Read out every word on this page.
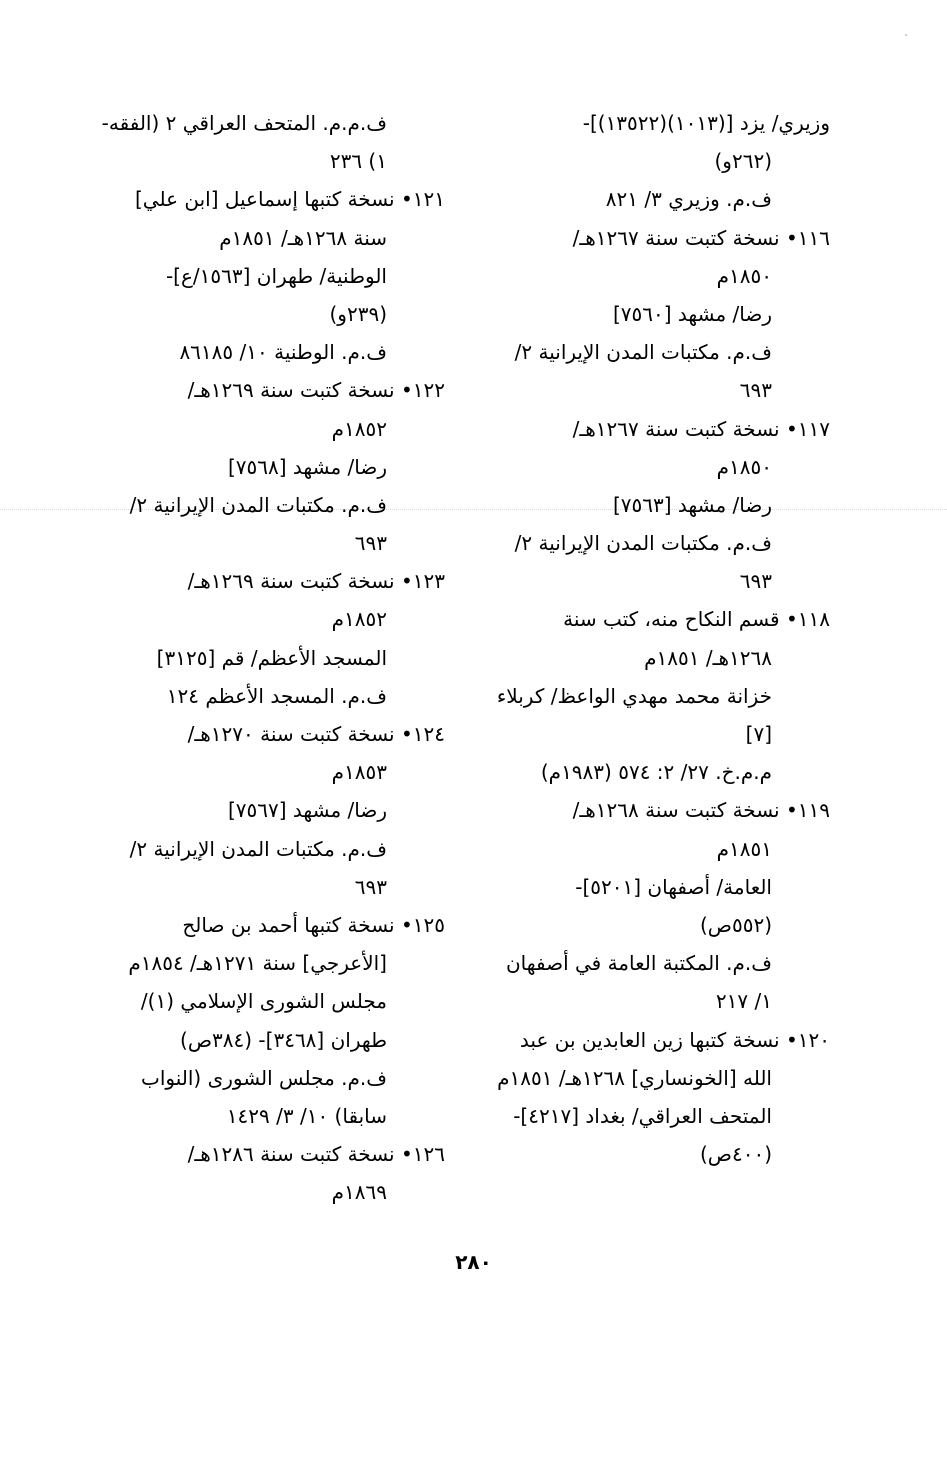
وزيري/ يزد [(١٠١٣)(١٣٥٢٢)]-
(٢٦٢و)
ف.م. وزيري ٣/ ٨٢١
١١٦• نسخة كتبت سنة ١٢٦٧هـ/
١٨٥٠م
رضا/ مشهد [٧٥٦٠]
ف.م. مكتبات المدن الإيرانية ٢/
٦٩٣
١١٧• نسخة كتبت سنة ١٢٦٧هـ/
١٨٥٠م
رضا/ مشهد [٧٥٦٣]
ف.م. مكتبات المدن الإيرانية ٢/
٦٩٣
١١٨• قسم النكاح منه، كتب سنة
١٢٦٨هـ/ ١٨٥١م
خزانة محمد مهدي الواعظ/ كربلاء
[٧]
م.م.خ. ٢٧/ ٢: ٥٧٤ (١٩٨٣م)
١١٩• نسخة كتبت سنة ١٢٦٨هـ/
١٨٥١م
العامة/ أصفهان [٥٢٠١]-
(٥٥٢ص)
ف.م. المكتبة العامة في أصفهان
١/ ٢١٧
١٢٠• نسخة كتبها زين العابدين بن عبد
الله [الخونساري] ١٢٦٨هـ/ ١٨٥١م
المتحف العراقي/ بغداد [٤٢١٧]-
(٤٠٠ص)
ف.م.م. المتحف العراقي ٢ (الفقه-
١) ٢٣٦
١٢١• نسخة كتبها إسماعيل [ابن علي]
سنة ١٢٦٨هـ/ ١٨٥١م
الوطنية/ طهران [١٥٦٣/ع]-
(٢٣٩و)
ف.م. الوطنية ١٠/ ٨٦١٨٥
١٢٢• نسخة كتبت سنة ١٢٦٩هـ/
١٨٥٢م
رضا/ مشهد [٧٥٦٨]
ف.م. مكتبات المدن الإيرانية ٢/
٦٩٣
١٢٣• نسخة كتبت سنة ١٢٦٩هـ/
١٨٥٢م
المسجد الأعظم/ قم [٣١٢٥]
ف.م. المسجد الأعظم ١٢٤
١٢٤• نسخة كتبت سنة ١٢٧٠هـ/
١٨٥٣م
رضا/ مشهد [٧٥٦٧]
ف.م. مكتبات المدن الإيرانية ٢/
٦٩٣
١٢٥• نسخة كتبها أحمد بن صالح
[الأعرجي] سنة ١٢٧١هـ/ ١٨٥٤م
مجلس الشورى الإسلامي (١)/
طهران [٣٤٦٨]- (٣٨٤ص)
ف.م. مجلس الشورى (النواب
سابقا) ١٠/ ٣/ ١٤٢٩
١٢٦• نسخة كتبت سنة ١٢٨٦هـ/
١٨٦٩م
٢٨٠
